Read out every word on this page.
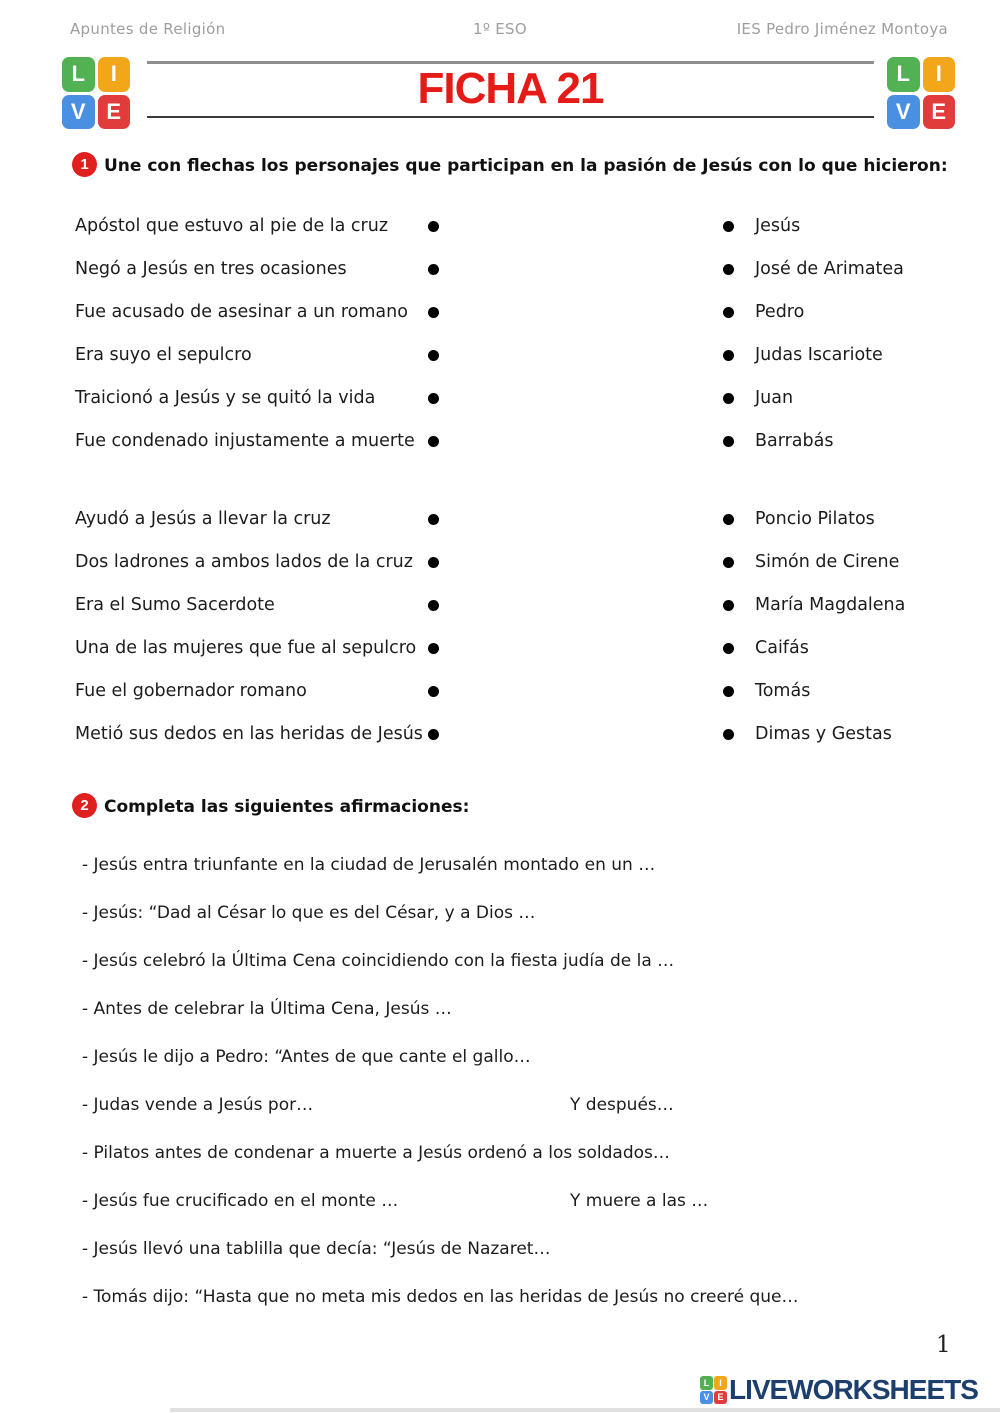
Apuntes de Religión	1º ESO	IES Pedro Jiménez Montoya
L	I
V E
L	I
V E
FICHA 21
1 Une con flechas los personajes que participan en la pasión de Jesús con lo que hicieron:
Apóstol que estuvo al pie de la cruz	Jesús
Negó a Jesús en tres ocasiones	José de Arimatea
Fue acusado de asesinar a un romano	Pedro
Era suyo el sepulcro	Judas Iscariote
Traicionó a Jesús y se quitó la vida	Juan
Fue condenado injustamente a muerte	Barrabás
Ayudó a Jesús a llevar la cruz	Poncio Pilatos
Dos ladrones a ambos lados de la cruz	Simón de Cirene
Era el Sumo Sacerdote	María Magdalena
Una de las mujeres que fue al sepulcro	Caifás
Fue el gobernador romano	Tomás
Metió sus dedos en las heridas de Jesús	Dimas y Gestas
2 Completa las siguientes afirmaciones:
- Jesús entra triunfante en la ciudad de Jerusalén montado en un …
- Jesús: “Dad al César lo que es del César, y a Dios …
- Jesús celebró la Última Cena coincidiendo con la fiesta judía de la …
- Antes de celebrar la Última Cena, Jesús …
- Jesús le dijo a Pedro: “Antes de que cante el gallo…
- Judas vende a Jesús por…	Y después…
- Pilatos antes de condenar a muerte a Jesús ordenó a los soldados…
- Jesús fue crucificado en el monte …	Y muere a las …
- Jesús llevó una tablilla que decía: “Jesús de Nazaret…
- Tomás dijo: “Hasta que no meta mis dedos en las heridas de Jesús no creeré que…
1
L	I
V E LIVEWORKSHEETS
